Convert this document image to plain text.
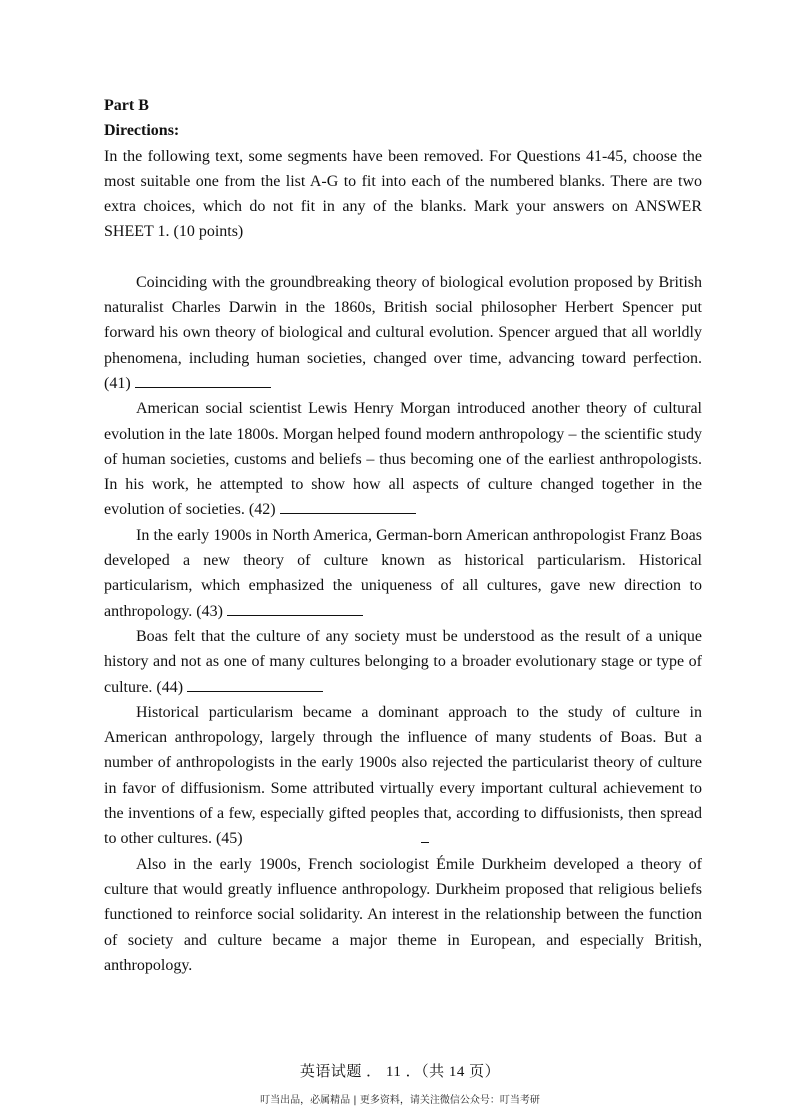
Part B
Directions:
In the following text, some segments have been removed. For Questions 41-45, choose the most suitable one from the list A-G to fit into each of the numbered blanks. There are two extra choices, which do not fit in any of the blanks. Mark your answers on ANSWER SHEET 1. (10 points)
Coinciding with the groundbreaking theory of biological evolution proposed by British naturalist Charles Darwin in the 1860s, British social philosopher Herbert Spencer put forward his own theory of biological and cultural evolution. Spencer argued that all worldly phenomena, including human societies, changed over time, advancing toward perfection. (41)
American social scientist Lewis Henry Morgan introduced another theory of cultural evolution in the late 1800s. Morgan helped found modern anthropology – the scientific study of human societies, customs and beliefs – thus becoming one of the earliest anthropologists. In his work, he attempted to show how all aspects of culture changed together in the evolution of societies. (42)
In the early 1900s in North America, German-born American anthropologist Franz Boas developed a new theory of culture known as historical particularism. Historical particularism, which emphasized the uniqueness of all cultures, gave new direction to anthropology. (43)
Boas felt that the culture of any society must be understood as the result of a unique history and not as one of many cultures belonging to a broader evolutionary stage or type of culture. (44)
Historical particularism became a dominant approach to the study of culture in American anthropology, largely through the influence of many students of Boas. But a number of anthropologists in the early 1900s also rejected the particularist theory of culture in favor of diffusionism. Some attributed virtually every important cultural achievement to the inventions of a few, especially gifted peoples that, according to diffusionists, then spread to other cultures. (45)
Also in the early 1900s, French sociologist Émile Durkheim developed a theory of culture that would greatly influence anthropology. Durkheim proposed that religious beliefs functioned to reinforce social solidarity. An interest in the relationship between the function of society and culture became a major theme in European, and especially British, anthropology.
英语试题 ． 11 ．（共 14 页）
叮当出品，必属精品 | 更多资料，请关注微信公众号：叮当考研
